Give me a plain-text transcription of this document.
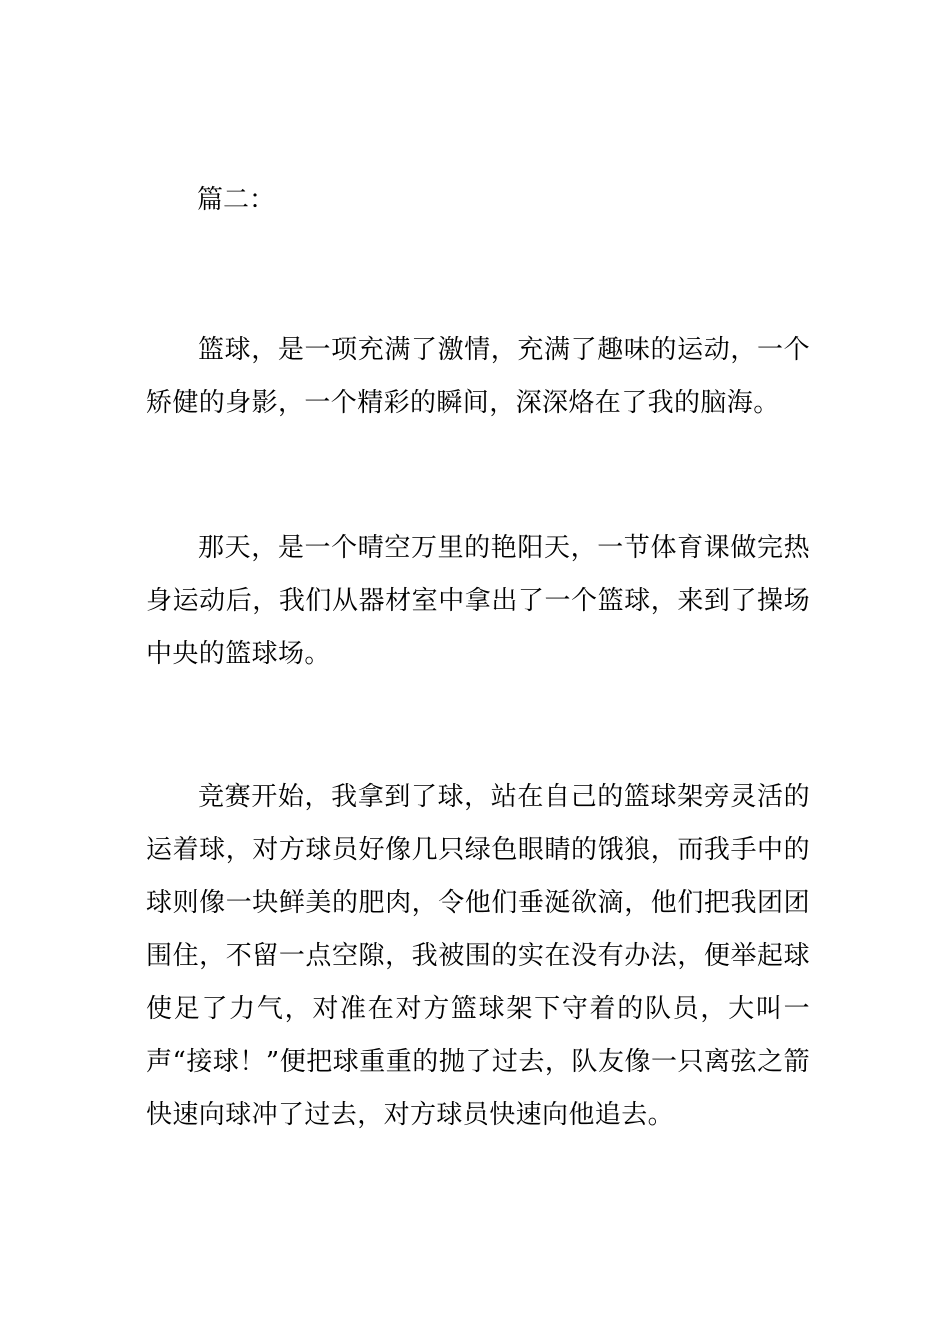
篇二：

篮球，是一项充满了激情，充满了趣味的运动，一个矫健的身影，一个精彩的瞬间，深深烙在了我的脑海。

那天，是一个晴空万里的艳阳天，一节体育课做完热身运动后，我们从器材室中拿出了一个篮球，来到了操场中央的篮球场。

竞赛开始，我拿到了球，站在自己的篮球架旁灵活的运着球，对方球员好像几只绿色眼睛的饿狼，而我手中的球则像一块鲜美的肥肉，令他们垂涎欲滴，他们把我团团围住，不留一点空隙，我被围的实在没有办法，便举起球使足了力气，对准在对方篮球架下守着的队员，大叫一声“接球！”便把球重重的抛了过去，队友像一只离弦之箭快速向球冲了过去，对方球员快速向他追去。
